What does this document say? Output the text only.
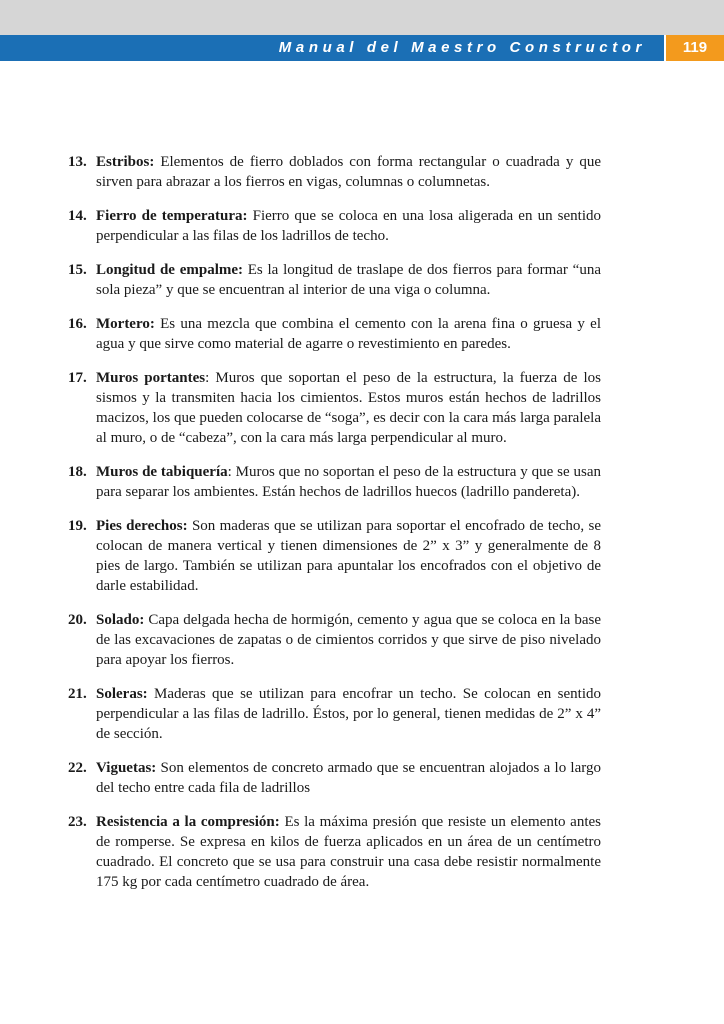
Manual del Maestro Constructor	119
13. Estribos: Elementos de fierro doblados con forma rectangular o cuadrada y que sirven para abrazar a los fierros en vigas, columnas o columnetas.
14. Fierro de temperatura: Fierro que se coloca en una losa aligerada en un sentido perpendicular a las filas de los ladrillos de techo.
15. Longitud de empalme: Es la longitud de traslape de dos fierros para formar “una sola pieza” y que se encuentran al interior de una viga o columna.
16. Mortero: Es una mezcla que combina el cemento con la arena fina o gruesa y el agua y que sirve como material de agarre o revestimiento en paredes.
17. Muros portantes: Muros que soportan el peso de la estructura, la fuerza de los sismos y la transmiten hacia los cimientos. Estos muros están hechos de ladrillos macizos, los que pueden colocarse de “soga”, es decir con la cara más larga paralela al muro, o de “cabeza”, con la cara más larga perpendicular al muro.
18. Muros de tabiquería: Muros que no soportan el peso de la estructura y que se usan para separar los ambientes. Están hechos de ladrillos huecos (ladrillo pandereta).
19. Pies derechos: Son maderas que se utilizan para soportar el encofrado de techo, se colocan de manera vertical y tienen dimensiones de 2” x 3” y generalmente de 8 pies de largo. También se utilizan para apuntalar los encofrados con el objetivo de darle estabilidad.
20. Solado: Capa delgada hecha de hormigón, cemento y agua que se coloca en la base de las excavaciones de zapatas o de cimientos corridos y que sirve de piso nivelado para apoyar los fierros.
21. Soleras: Maderas que se utilizan para encofrar un techo. Se colocan en sentido perpendicular a las filas de ladrillo. Éstos, por lo general, tienen medidas de 2” x 4” de sección.
22. Viguetas: Son elementos de concreto armado que se encuentran alojados a lo largo del techo entre cada fila de ladrillos
23. Resistencia a la compresión: Es la máxima presión que resiste un elemento antes de romperse. Se expresa en kilos de fuerza aplicados en un área de un centímetro cuadrado. El concreto que se usa para construir una casa debe resistir normalmente 175 kg por cada centímetro cuadrado de área.
